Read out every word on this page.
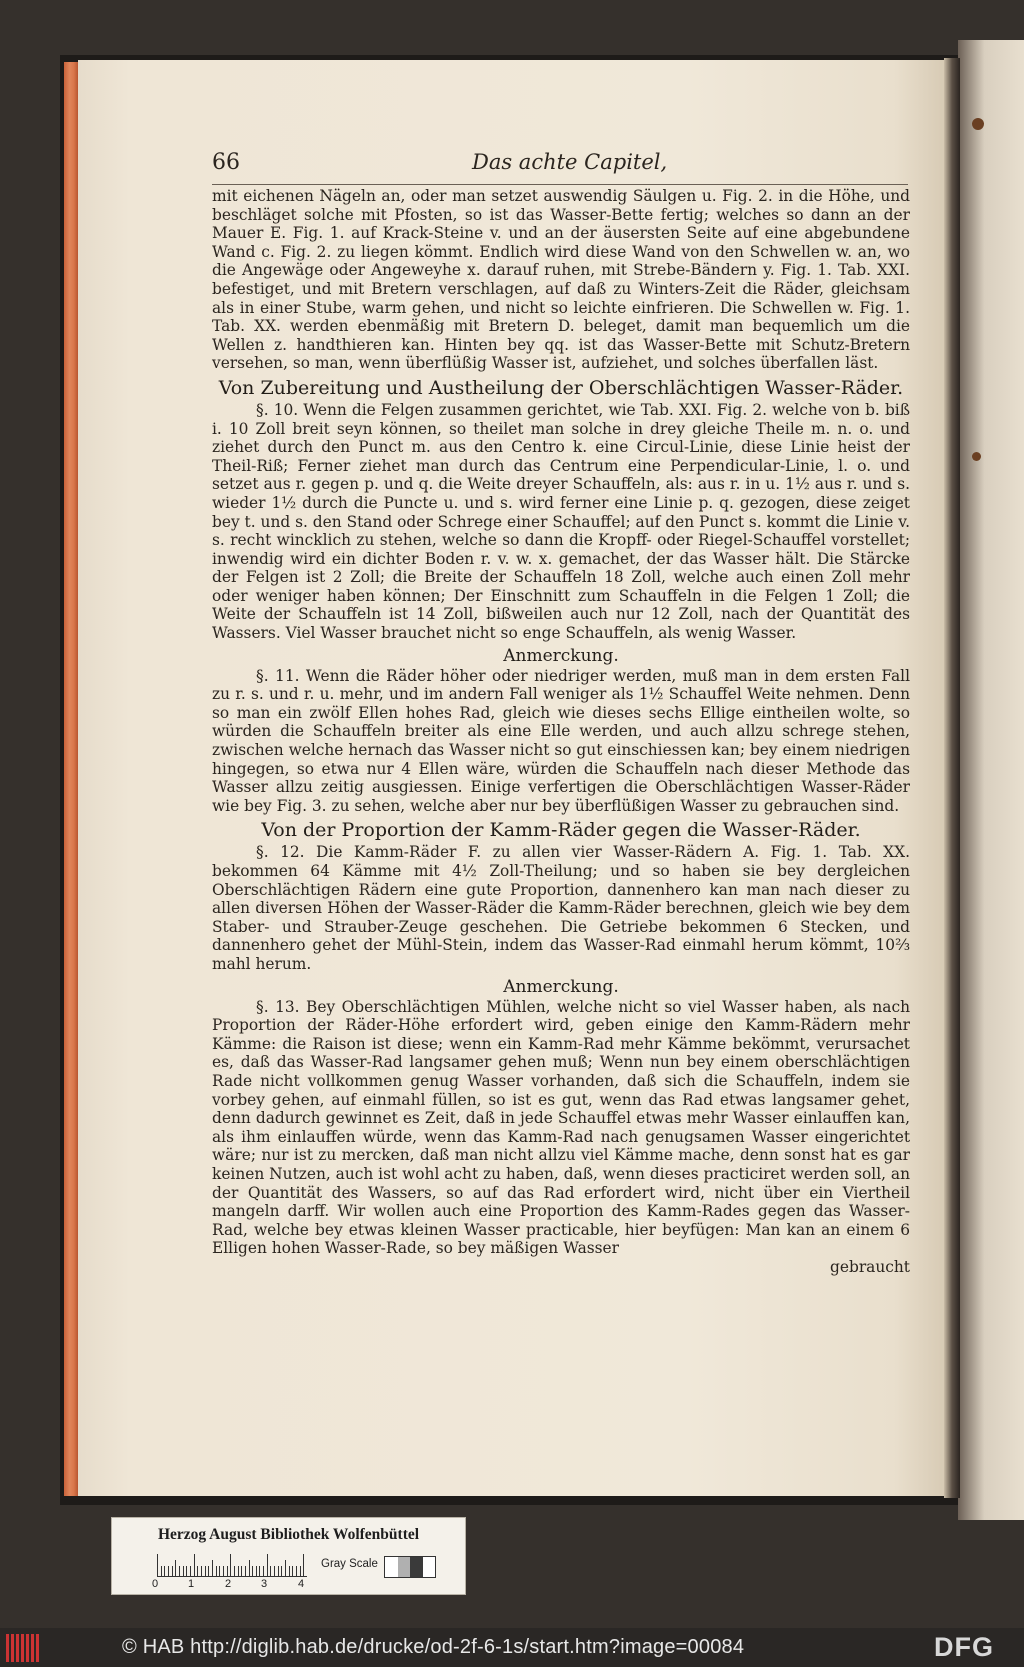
66	Das achte Capitel,

mit eichenen Nägeln an, oder man setzet auswendig Säulgen u. Fig. 2. in die Höhe, und beschläget solche mit Pfosten, so ist das Wasser-Bette fertig; welches so dann an der Mauer E. Fig. 1. auf Krack-Steine v. und an der äusersten Seite auf eine abgebundene Wand c. Fig. 2. zu liegen kömmt. Endlich wird diese Wand von den Schwellen w. an, wo die Angewäge oder Angeweyhe x. darauf ruhen, mit Strebe-Bändern y. Fig. 1. Tab. XXI. befestiget, und mit Bretern verschlagen, auf daß zu Winters-Zeit die Räder, gleichsam als in einer Stube, warm gehen, und nicht so leichte einfrieren. Die Schwellen w. Fig. 1. Tab. XX. werden ebenmäßig mit Bretern D. beleget, damit man bequemlich um die Wellen z. handthieren kan. Hinten bey qq. ist das Wasser-Bette mit Schutz-Bretern versehen, so man, wenn überflüßig Wasser ist, aufziehet, und solches überfallen läst.

Von Zubereitung und Austheilung der Oberschlächtigen Wasser-Räder.

§. 10. Wenn die Felgen zusammen gerichtet, wie Tab. XXI. Fig. 2. welche von b. biß i. 10 Zoll breit seyn können, so theilet man solche in drey gleiche Theile m. n. o. und ziehet durch den Punct m. aus den Centro k. eine Circul-Linie, diese Linie heist der Theil-Riß; Ferner ziehet man durch das Centrum eine Perpendicular-Linie, l. o. und setzet aus r. gegen p. und q. die Weite dreyer Schauffeln, als: aus r. in u. 1½ aus r. und s. wieder 1½ durch die Puncte u. und s. wird ferner eine Linie p. q. gezogen, diese zeiget bey t. und s. den Stand oder Schrege einer Schauffel; auf den Punct s. kommt die Linie v. s. recht wincklich zu stehen, welche so dann die Kropff- oder Riegel-Schauffel vorstellet; inwendig wird ein dichter Boden r. v. w. x. gemachet, der das Wasser hält. Die Stärcke der Felgen ist 2 Zoll; die Breite der Schauffeln 18 Zoll, welche auch einen Zoll mehr oder weniger haben können; Der Einschnitt zum Schauffeln in die Felgen 1 Zoll; die Weite der Schauffeln ist 14 Zoll, bißweilen auch nur 12 Zoll, nach der Quantität des Wassers. Viel Wasser brauchet nicht so enge Schauffeln, als wenig Wasser.

Anmerckung.

§. 11. Wenn die Räder höher oder niedriger werden, muß man in dem ersten Fall zu r. s. und r. u. mehr, und im andern Fall weniger als 1½ Schauffel Weite nehmen. Denn so man ein zwölf Ellen hohes Rad, gleich wie dieses sechs Ellige eintheilen wolte, so würden die Schauffeln breiter als eine Elle werden, und auch allzu schrege stehen, zwischen welche hernach das Wasser nicht so gut einschiessen kan; bey einem niedrigen hingegen, so etwa nur 4 Ellen wäre, würden die Schauffeln nach dieser Methode das Wasser allzu zeitig ausgiessen. Einige verfertigen die Oberschlächtigen Wasser-Räder wie bey Fig. 3. zu sehen, welche aber nur bey überflüßigen Wasser zu gebrauchen sind.

Von der Proportion der Kamm-Räder gegen die Wasser-Räder.

§. 12. Die Kamm-Räder F. zu allen vier Wasser-Rädern A. Fig. 1. Tab. XX. bekommen 64 Kämme mit 4½ Zoll-Theilung; und so haben sie bey dergleichen Oberschlächtigen Rädern eine gute Proportion, dannenhero kan man nach dieser zu allen diversen Höhen der Wasser-Räder die Kamm-Räder berechnen, gleich wie bey dem Staber- und Strauber-Zeuge geschehen. Die Getriebe bekommen 6 Stecken, und dannenhero gehet der Mühl-Stein, indem das Wasser-Rad einmahl herum kömmt, 10⅔ mahl herum.

Anmerckung.

§. 13. Bey Oberschlächtigen Mühlen, welche nicht so viel Wasser haben, als nach Proportion der Räder-Höhe erfordert wird, geben einige den Kamm-Rädern mehr Kämme: die Raison ist diese; wenn ein Kamm-Rad mehr Kämme bekömmt, verursachet es, daß das Wasser-Rad langsamer gehen muß; Wenn nun bey einem oberschlächtigen Rade nicht vollkommen genug Wasser vorhanden, daß sich die Schauffeln, indem sie vorbey gehen, auf einmahl füllen, so ist es gut, wenn das Rad etwas langsamer gehet, denn dadurch gewinnet es Zeit, daß in jede Schauffel etwas mehr Wasser einlauffen kan, als ihm einlauffen würde, wenn das Kamm-Rad nach genugsamen Wasser eingerichtet wäre; nur ist zu mercken, daß man nicht allzu viel Kämme mache, denn sonst hat es gar keinen Nutzen, auch ist wohl acht zu haben, daß, wenn dieses practiciret werden soll, an der Quantität des Wassers, so auf das Rad erfordert wird, nicht über ein Viertheil mangeln darff. Wir wollen auch eine Proportion des Kamm-Rades gegen das Wasser-Rad, welche bey etwas kleinen Wasser practicable, hier beyfügen: Man kan an einem 6 Elligen hohen Wasser-Rade, so bey mäßigen Wasser

gebraucht

Herzog August Bibliothek Wolfenbüttel
0	1	2	3	4
Gray Scale
© HAB http://diglib.hab.de/drucke/od-2f-6-1s/start.htm?image=00084	DFG
